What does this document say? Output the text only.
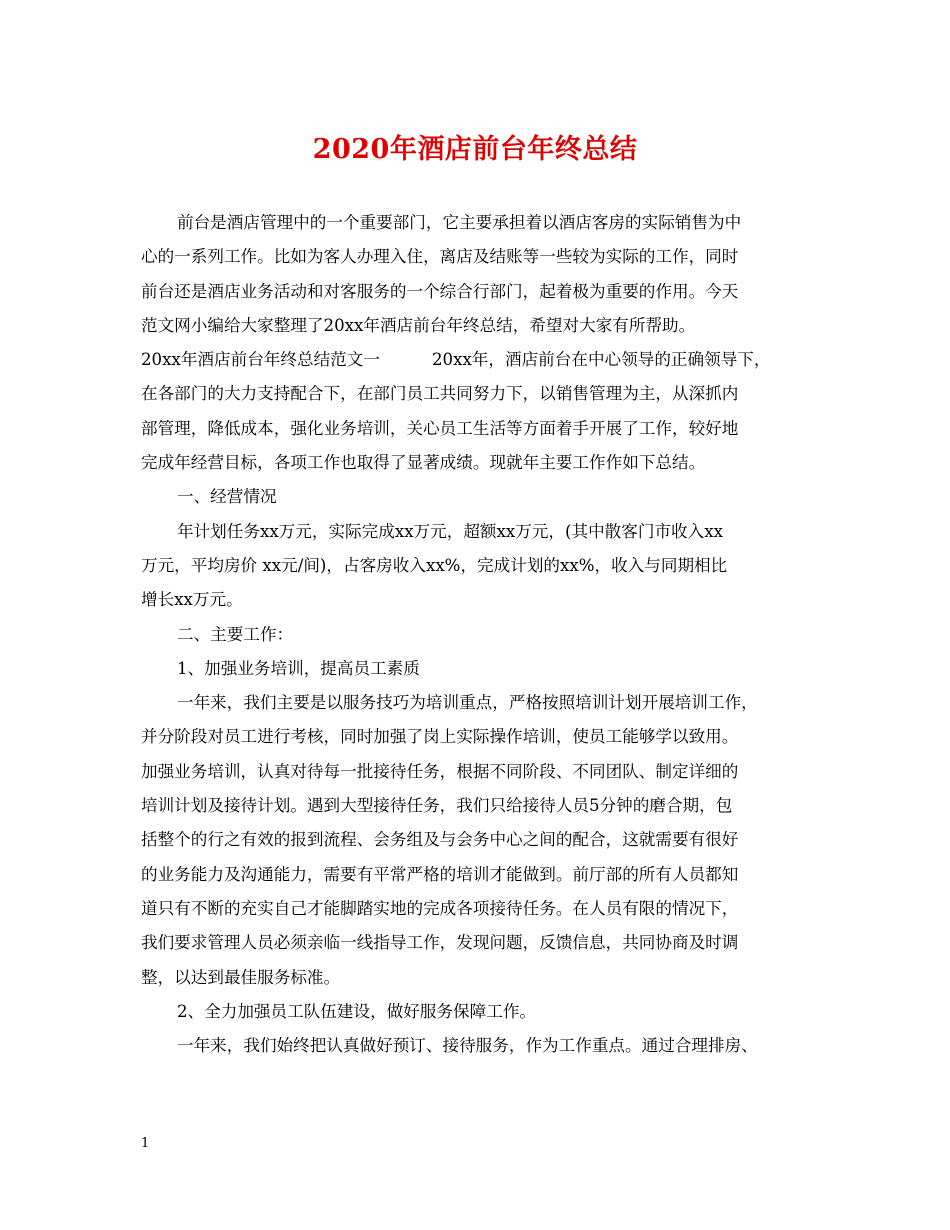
2020年酒店前台年终总结
前台是酒店管理中的一个重要部门，它主要承担着以酒店客房的实际销售为中
心的一系列工作。比如为客人办理入住，离店及结账等一些较为实际的工作，同时
前台还是酒店业务活动和对客服务的一个综合行部门，起着极为重要的作用。今天
范文网小编给大家整理了20xx年酒店前台年终总结，希望对大家有所帮助。
20xx年酒店前台年终总结范文一	20xx年，酒店前台在中心领导的正确领导下，
在各部门的大力支持配合下，在部门员工共同努力下，以销售管理为主，从深抓内
部管理，降低成本，强化业务培训，关心员工生活等方面着手开展了工作，较好地
完成年经营目标，各项工作也取得了显著成绩。现就年主要工作作如下总结。
一、经营情况
年计划任务xx万元，实际完成xx万元，超额xx万元，(其中散客门市收入xx
万元，平均房价 xx元/间)，占客房收入xx%，完成计划的xx%，收入与同期相比
增长xx万元。
二、主要工作：
1、加强业务培训，提高员工素质
一年来，我们主要是以服务技巧为培训重点，严格按照培训计划开展培训工作，
并分阶段对员工进行考核，同时加强了岗上实际操作培训，使员工能够学以致用。
加强业务培训，认真对待每一批接待任务，根据不同阶段、不同团队、制定详细的
培训计划及接待计划。遇到大型接待任务，我们只给接待人员5分钟的磨合期，包
括整个的行之有效的报到流程、会务组及与会务中心之间的配合，这就需要有很好
的业务能力及沟通能力，需要有平常严格的培训才能做到。前厅部的所有人员都知
道只有不断的充实自己才能脚踏实地的完成各项接待任务。在人员有限的情况下，
我们要求管理人员必须亲临一线指导工作，发现问题，反馈信息，共同协商及时调
整，以达到最佳服务标准。
2、全力加强员工队伍建设，做好服务保障工作。
一年来，我们始终把认真做好预订、接待服务，作为工作重点。通过合理排房、
1
